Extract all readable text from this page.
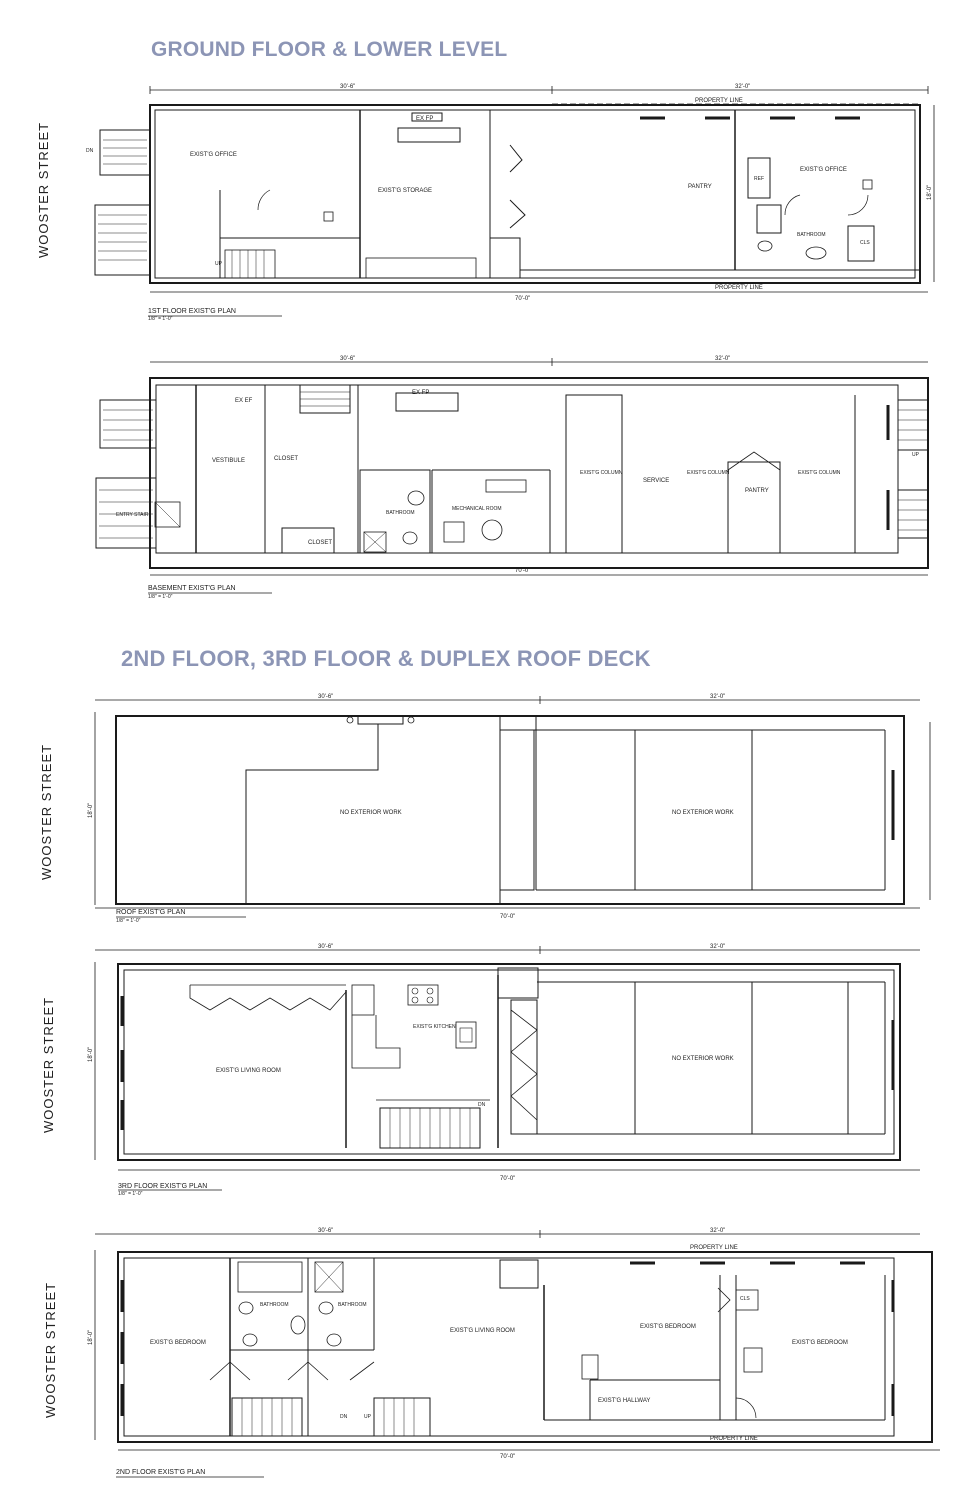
GROUND FLOOR & LOWER LEVEL
2ND FLOOR, 3RD FLOOR & DUPLEX ROOF DECK
WOOSTER STREET
WOOSTER STREET
WOOSTER STREET
WOOSTER STREET
30'-6"	32'-0"
70'-0"
18'-0"
PROPERTY LINE
PROPERTY LINE
EXIST'G OFFICE
EXIST'G STORAGE
PANTRY
EXIST'G OFFICE
BATHROOM
REF
CLS
EX FP
UP
DN
1ST FLOOR EXIST'G PLAN
1/8" = 1'-0"
30'-6"	32'-0"
70'-0"
VESTIBULE	CLOSET
CLOSET
BATHROOM
MECHANICAL ROOM
SERVICE
EXIST'G COLUMN	EXIST'G COLUMN	EXIST'G COLUMN
PANTRY
ENTRY STAIR
EX FP
EX EF
UP
BASEMENT EXIST'G PLAN
1/8" = 1'-0"
30'-6"	32'-0"
70'-0"
18'-0"	NO EXTERIOR WORK	NO EXTERIOR WORK
ROOF EXIST'G PLAN
1/8" = 1'-0"
30'-6"	32'-0"
70'-0"
18'-0"
EXIST'G LIVING ROOM
EXIST'G KITCHEN
NO EXTERIOR WORK
DN
3RD FLOOR EXIST'G PLAN
1/8" = 1'-0"
30'-6"	32'-0"
70'-0"
18'-0"
PROPERTY LINE
PROPERTY LINE
EXIST'G BEDROOM
BATHROOM	BATHROOM
EXIST'G LIVING ROOM
EXIST'G BEDROOM
EXIST'G BEDROOM
EXIST'G HALLWAY
CLS
DN	UP
2ND FLOOR EXIST'G PLAN
